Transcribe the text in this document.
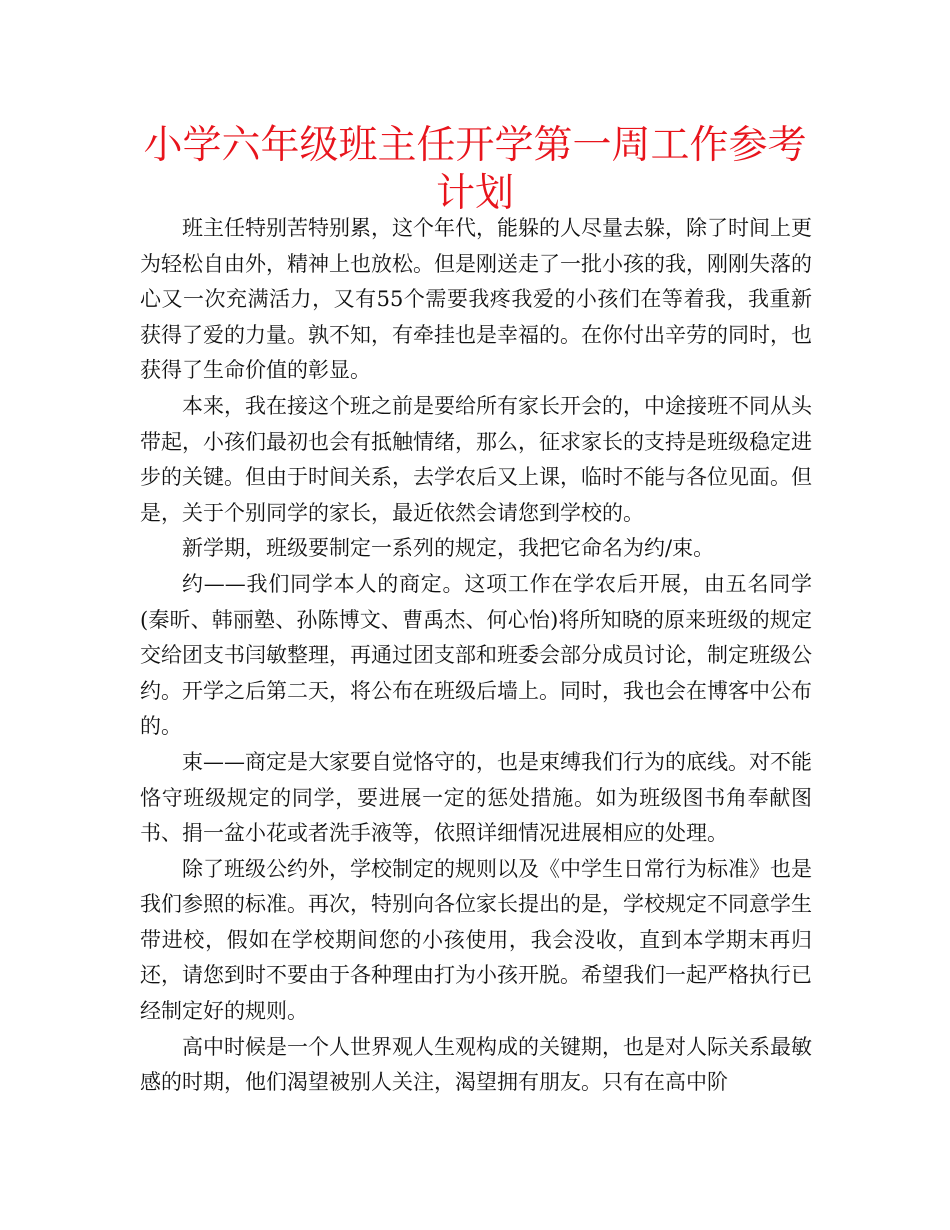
小学六年级班主任开学第一周工作参考计划

班主任特别苦特别累，这个年代，能躲的人尽量去躲，除了时间上更为轻松自由外，精神上也放松。但是刚送走了一批小孩的我，刚刚失落的心又一次充满活力，又有55个需要我疼我爱的小孩们在等着我，我重新获得了爱的力量。孰不知，有牵挂也是幸福的。在你付出辛劳的同时，也获得了生命价值的彰显。

本来，我在接这个班之前是要给所有家长开会的，中途接班不同从头带起，小孩们最初也会有抵触情绪，那么，征求家长的支持是班级稳定进步的关键。但由于时间关系，去学农后又上课，临时不能与各位见面。但是，关于个别同学的家长，最近依然会请您到学校的。

新学期，班级要制定一系列的规定，我把它命名为约/束。

约——我们同学本人的商定。这项工作在学农后开展，由五名同学(秦昕、韩丽塾、孙陈博文、曹禹杰、何心怡)将所知晓的原来班级的规定交给团支书闫敏整理，再通过团支部和班委会部分成员讨论，制定班级公约。开学之后第二天，将公布在班级后墙上。同时，我也会在博客中公布的。

束——商定是大家要自觉恪守的，也是束缚我们行为的底线。对不能恪守班级规定的同学，要进展一定的惩处措施。如为班级图书角奉献图书、捐一盆小花或者洗手液等，依照详细情况进展相应的处理。

除了班级公约外，学校制定的规则以及《中学生日常行为标准》也是我们参照的标准。再次，特别向各位家长提出的是，学校规定不同意学生带进校，假如在学校期间您的小孩使用，我会没收，直到本学期末再归还，请您到时不要由于各种理由打为小孩开脱。希望我们一起严格执行已经制定好的规则。

高中时候是一个人世界观人生观构成的关键期，也是对人际关系最敏感的时期，他们渴望被别人关注，渴望拥有朋友。只有在高中阶
